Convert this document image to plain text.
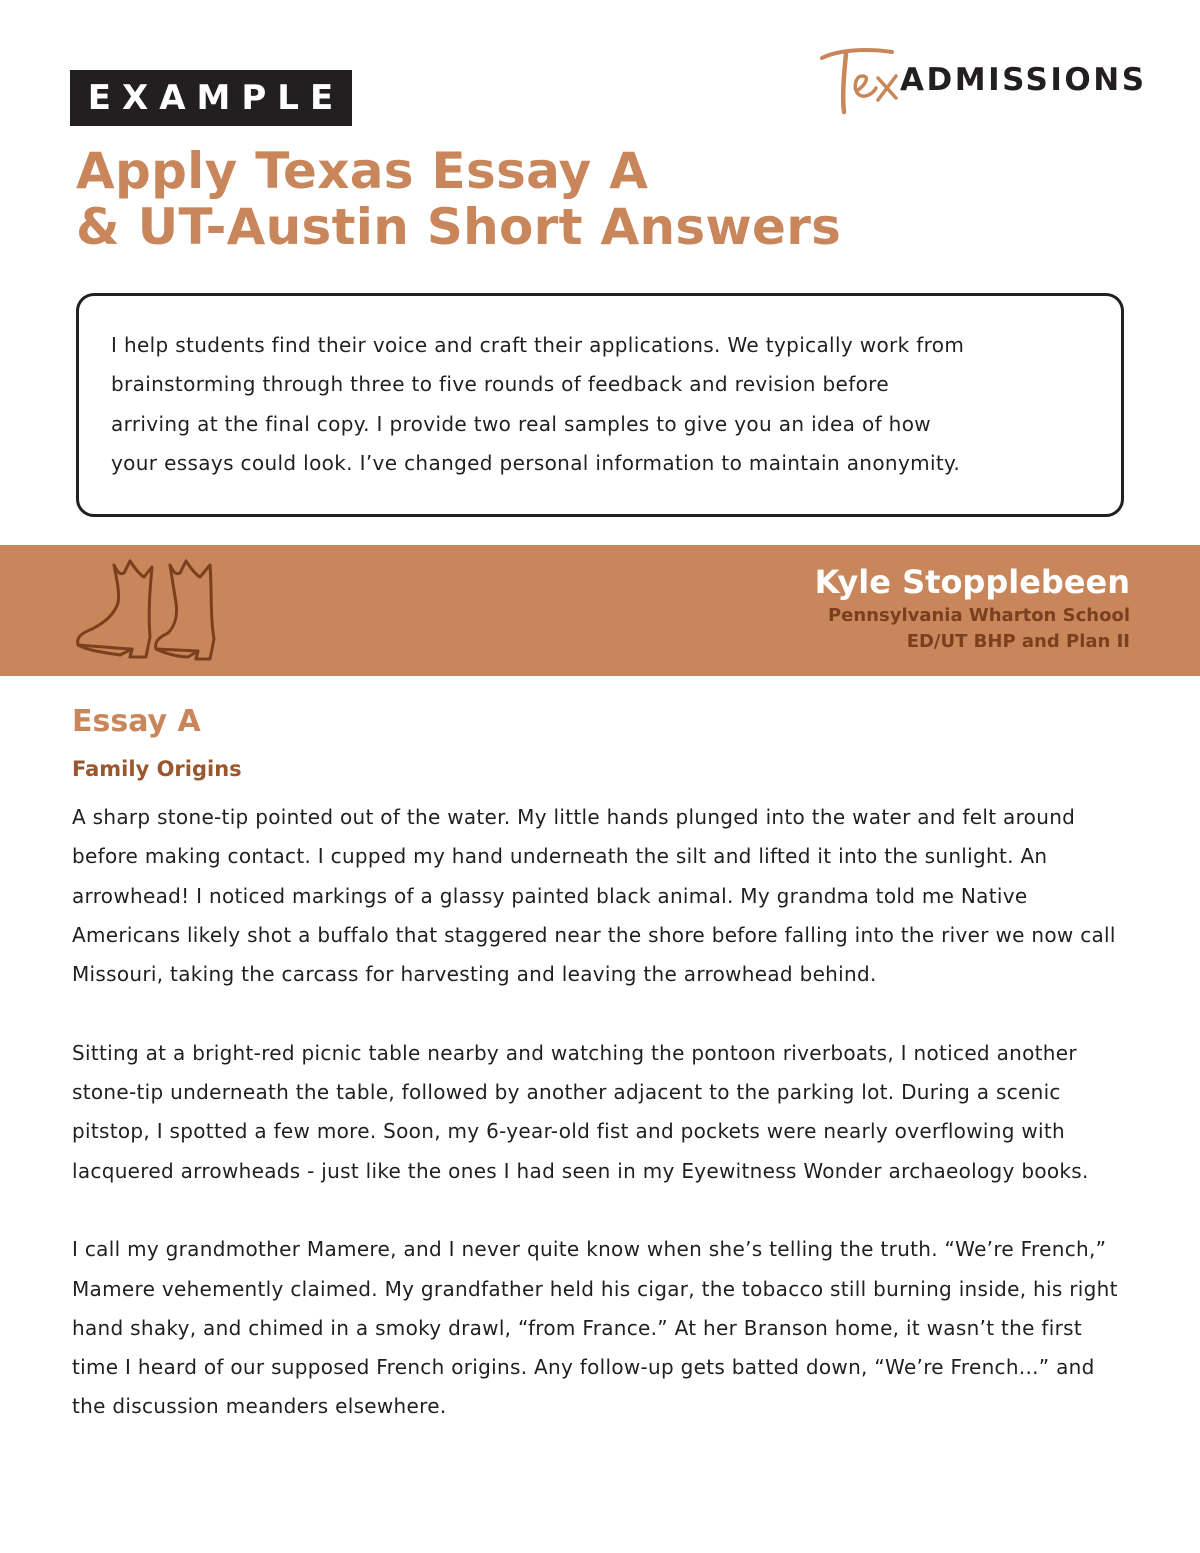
EXAMPLE	ADMISSIONS
Apply Texas Essay A
& UT-Austin Short Answers

I help students find their voice and craft their applications. We typically work from
brainstorming through three to five rounds of feedback and revision before
arriving at the final copy. I provide two real samples to give you an idea of how
your essays could look. I’ve changed personal information to maintain anonymity.

Kyle Stopplebeen
Pennsylvania Wharton School
ED/UT BHP and Plan II
Essay A
Family Origins

A sharp stone-tip pointed out of the water. My little hands plunged into the water and felt around before making contact. I cupped my hand underneath the silt and lifted it into the sunlight. An arrowhead! I noticed markings of a glassy painted black animal. My grandma told me Native Americans likely shot a buffalo that staggered near the shore before falling into the river we now call Missouri, taking the carcass for harvesting and leaving the arrowhead behind.

Sitting at a bright-red picnic table nearby and watching the pontoon riverboats, I noticed another stone-tip underneath the table, followed by another adjacent to the parking lot. During a scenic pitstop, I spotted a few more. Soon, my 6-year-old fist and pockets were nearly overflowing with lacquered arrowheads - just like the ones I had seen in my Eyewitness Wonder archaeology books.

I call my grandmother Mamere, and I never quite know when she’s telling the truth. “We’re French,” Mamere vehemently claimed. My grandfather held his cigar, the tobacco still burning inside, his right hand shaky, and chimed in a smoky drawl, “from France.” At her Branson home, it wasn’t the first time I heard of our supposed French origins. Any follow-up gets batted down, “We’re French...” and the discussion meanders elsewhere.
